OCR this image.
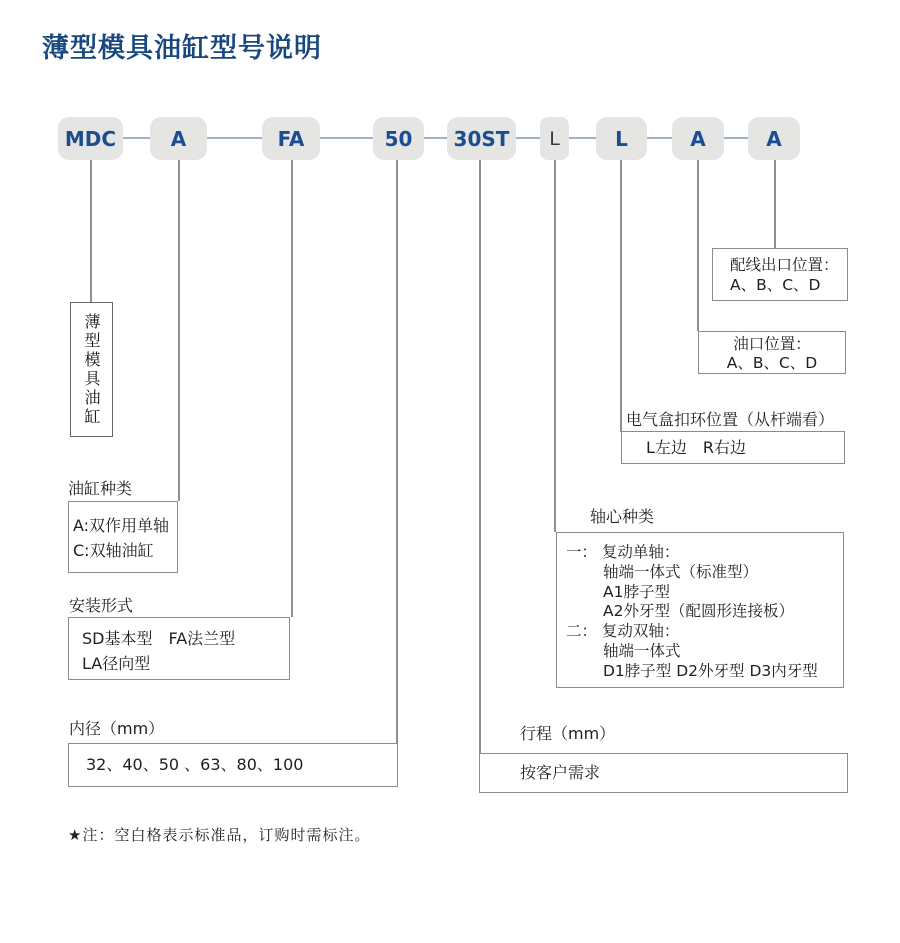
薄型模具油缸型号说明
MDC	A	FA	50	30ST	L	L	A	A
薄型模具油缸
油缸种类
A:双作用单轴
C:双轴油缸
安装形式
SD基本型　FA法兰型
LA径向型
内径（mm）
32、40、50 、63、80、100
行程（mm）
按客户需求
轴心种类
一： 复动单轴：
轴端一体式（标准型）
A1脖子型
A2外牙型（配圆形连接板）
二： 复动双轴：
轴端一体式
D1脖子型 D2外牙型 D3内牙型
电气盒扣环位置（从杆端看）
L左边　R右边
油口位置：
A、B、C、D
配线出口位置：
A、B、C、D
★注：空白格表示标准品，订购时需标注。
